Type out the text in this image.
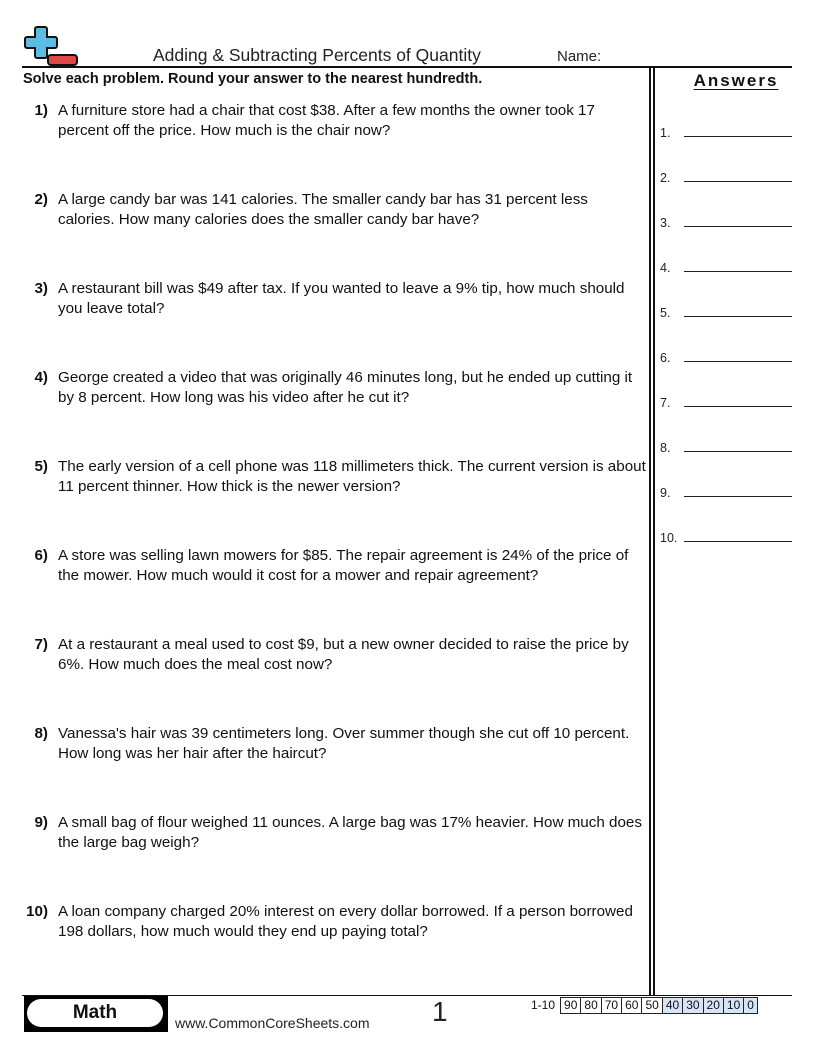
Adding & Subtracting Percents of Quantity	Name:
Solve each problem. Round your answer to the nearest hundredth.
1) A furniture store had a chair that cost $38. After a few months the owner took 17 percent off the price. How much is the chair now?
2) A large candy bar was 141 calories. The smaller candy bar has 31 percent less calories. How many calories does the smaller candy bar have?
3) A restaurant bill was $49 after tax. If you wanted to leave a 9% tip, how much should you leave total?
4) George created a video that was originally 46 minutes long, but he ended up cutting it by 8 percent. How long was his video after he cut it?
5) The early version of a cell phone was 118 millimeters thick. The current version is about 11 percent thinner. How thick is the newer version?
6) A store was selling lawn mowers for $85. The repair agreement is 24% of the price of the mower. How much would it cost for a mower and repair agreement?
7) At a restaurant a meal used to cost $9, but a new owner decided to raise the price by 6%. How much does the meal cost now?
8) Vanessa's hair was 39 centimeters long. Over summer though she cut off 10 percent. How long was her hair after the haircut?
9) A small bag of flour weighed 11 ounces. A large bag was 17% heavier. How much does the large bag weigh?
10) A loan company charged 20% interest on every dollar borrowed. If a person borrowed 198 dollars, how much would they end up paying total?
Answers
1.
2.
3.
4.
5.
6.
7.
8.
9.
10.
Math	www.CommonCoreSheets.com 1	1-10	90	80	70	60	50	40	30	20	10	0
